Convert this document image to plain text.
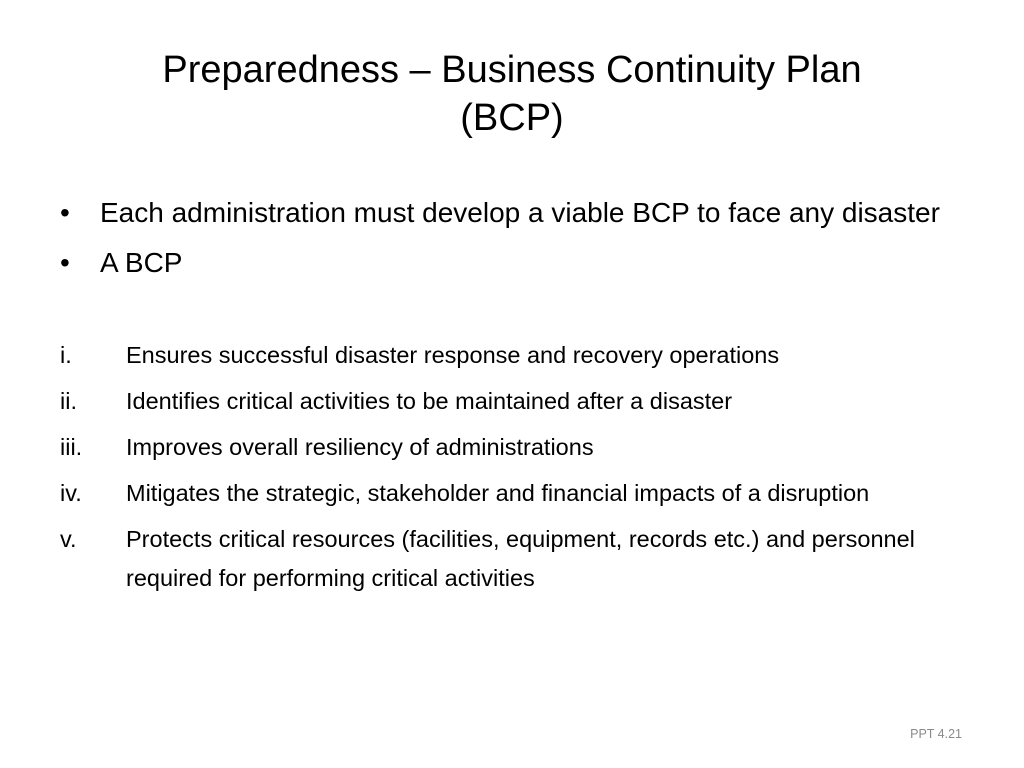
Preparedness – Business Continuity Plan
(BCP)
•	Each administration must develop a viable BCP to face any disaster
•	A BCP
i.	Ensures successful disaster response and recovery operations
ii.	Identifies critical activities to be maintained after a disaster
iii.	Improves overall resiliency of administrations
iv.	Mitigates the strategic, stakeholder and financial impacts of a disruption
v.	Protects critical resources (facilities, equipment, records etc.) and personnel required for performing critical activities
PPT 4.21
